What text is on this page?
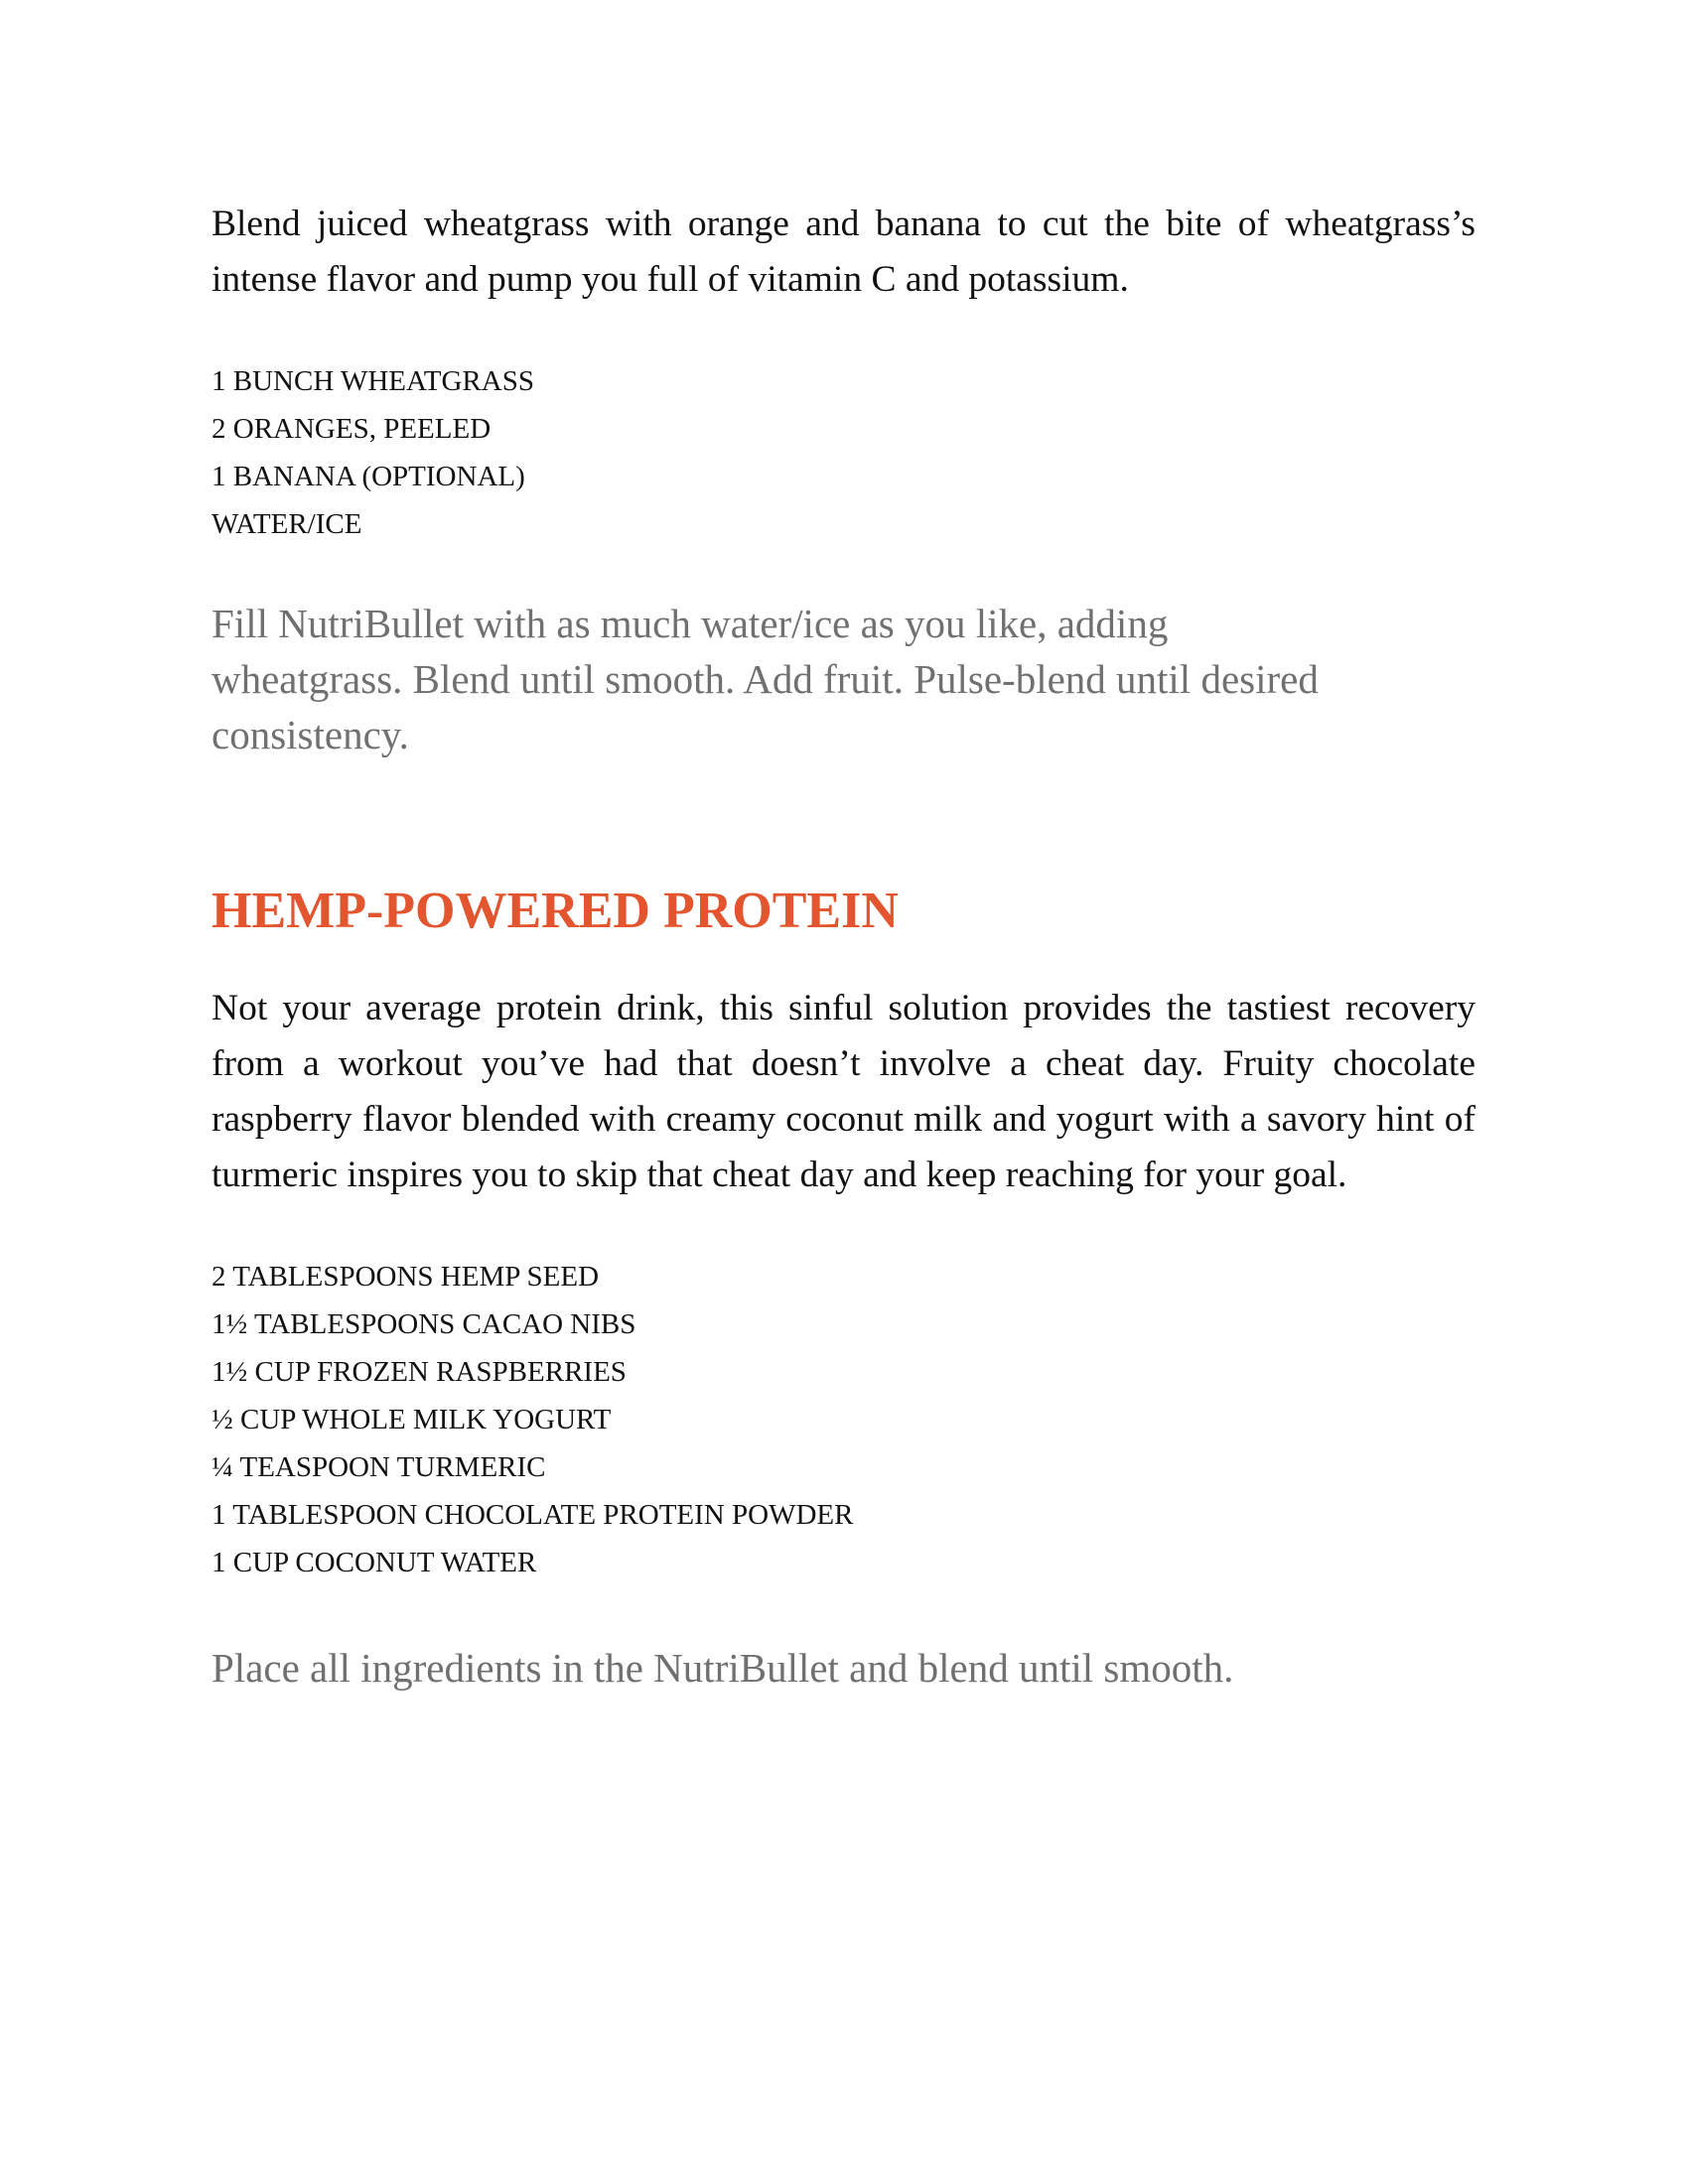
Blend juiced wheatgrass with orange and banana to cut the bite of wheatgrass’s intense flavor and pump you full of vitamin C and potassium.

1 BUNCH WHEATGRASS
2 ORANGES, PEELED
1 BANANA (OPTIONAL)
WATER/ICE

Fill NutriBullet with as much water/ice as you like, adding wheatgrass. Blend until smooth. Add fruit. Pulse-blend until desired consistency.

HEMP-POWERED PROTEIN

Not your average protein drink, this sinful solution provides the tastiest recovery from a workout you’ve had that doesn’t involve a cheat day. Fruity chocolate raspberry flavor blended with creamy coconut milk and yogurt with a savory hint of turmeric inspires you to skip that cheat day and keep reaching for your goal.

2 TABLESPOONS HEMP SEED
1½ TABLESPOONS CACAO NIBS
1½ CUP FROZEN RASPBERRIES
½ CUP WHOLE MILK YOGURT
¼ TEASPOON TURMERIC
1 TABLESPOON CHOCOLATE PROTEIN POWDER
1 CUP COCONUT WATER

Place all ingredients in the NutriBullet and blend until smooth.
